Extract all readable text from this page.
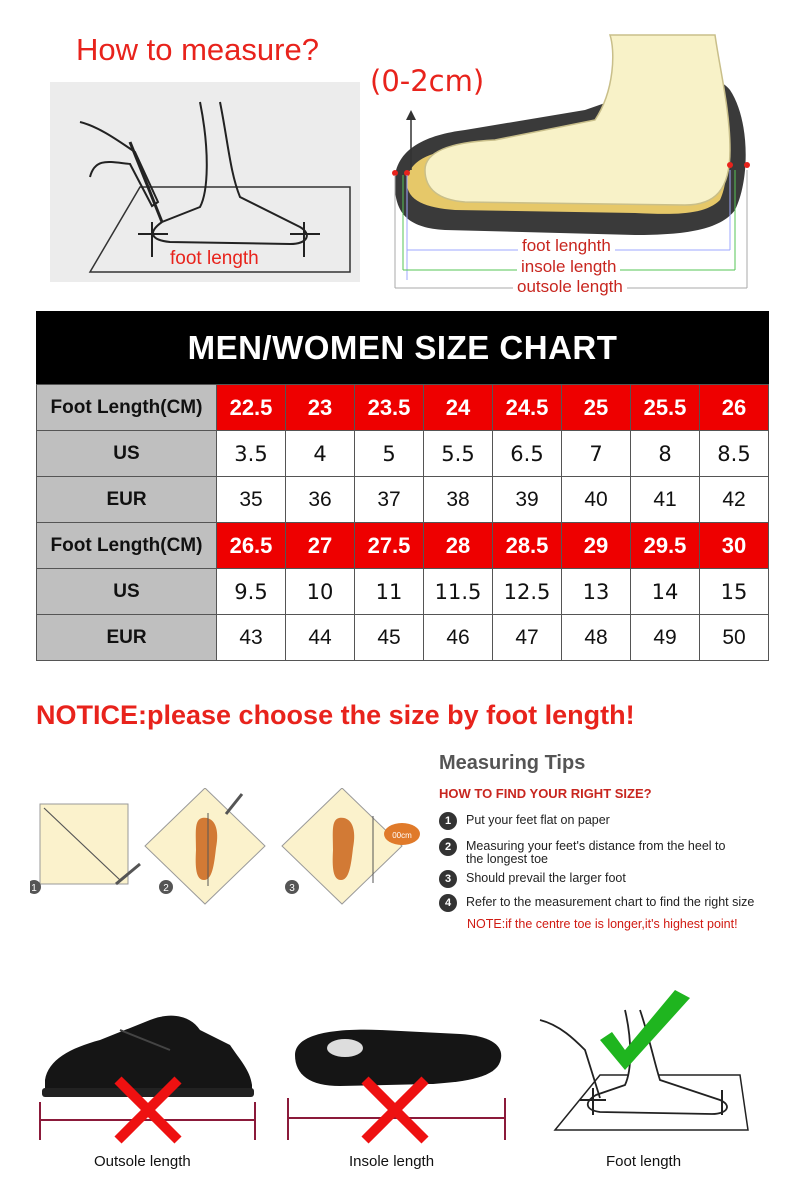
How to measure?
foot length
(0-2cm)
foot lenghth
insole length
outsole length
MEN/WOMEN SIZE CHART
Foot Length(CM)	22.5	23	23.5	24	24.5	25	25.5	26
US	3.5	4	5	5.5	6.5	7	8	8.5
EUR	35	36	37	38	39	40	41	42
Foot Length(CM)	26.5	27	27.5	28	28.5	29	29.5	30
US	9.5	10	11	11.5	12.5	13	14	15
EUR	43	44	45	46	47	48	49	50
NOTICE:please choose the size by foot length!
1	2
00cm
3
Measuring Tips
HOW TO FIND YOUR RIGHT SIZE?
1	Put your feet flat on paper
2	Measuring your feet's distance from the heel to the longest toe
3	Should prevail the larger foot
4	Refer to the measurement chart to find the right size
NOTE:if the centre toe is longer,it's highest point!
Outsole length	Insole length	Foot length
